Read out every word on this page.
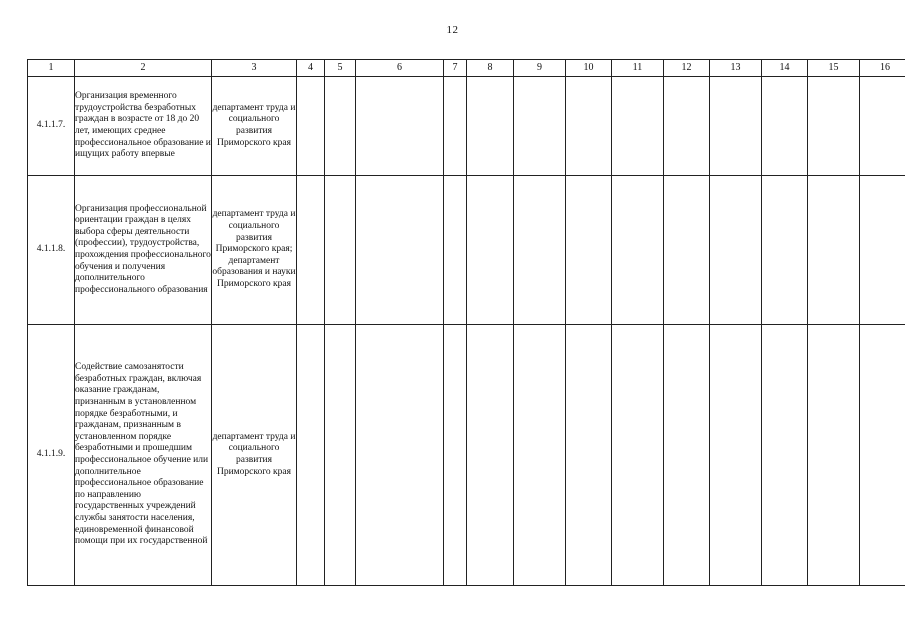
12
1	2	3	4	5	6	7	8	9	10	11	12	13	14	15	16
4.1.1.7.	Организация временного трудоустройства безработных граждан в возрасте от 18 до 20 лет, имеющих среднее профессиональное образование и ищущих работу впервые	департамент труда и социального развития Приморского края													
4.1.1.8.	Организация профессиональной ориентации граждан в целях выбора сферы деятельности (профессии), трудоустройства, прохождения профессионального обучения и получения дополнительного профессионального образования	департамент труда и социального развития Приморского края; департамент образования и науки Приморского края													
4.1.1.9.	Содействие самозанятости безработных граждан, включая оказание гражданам, признанным в установленном порядке безработными, и гражданам, признанным в установленном порядке безработными и прошедшим профессиональное обучение или дополнительное профессиональное образование по направлению государственных учреждений службы занятости населения, единовременной финансовой помощи при их государственной	департамент труда и социального развития Приморского края													
